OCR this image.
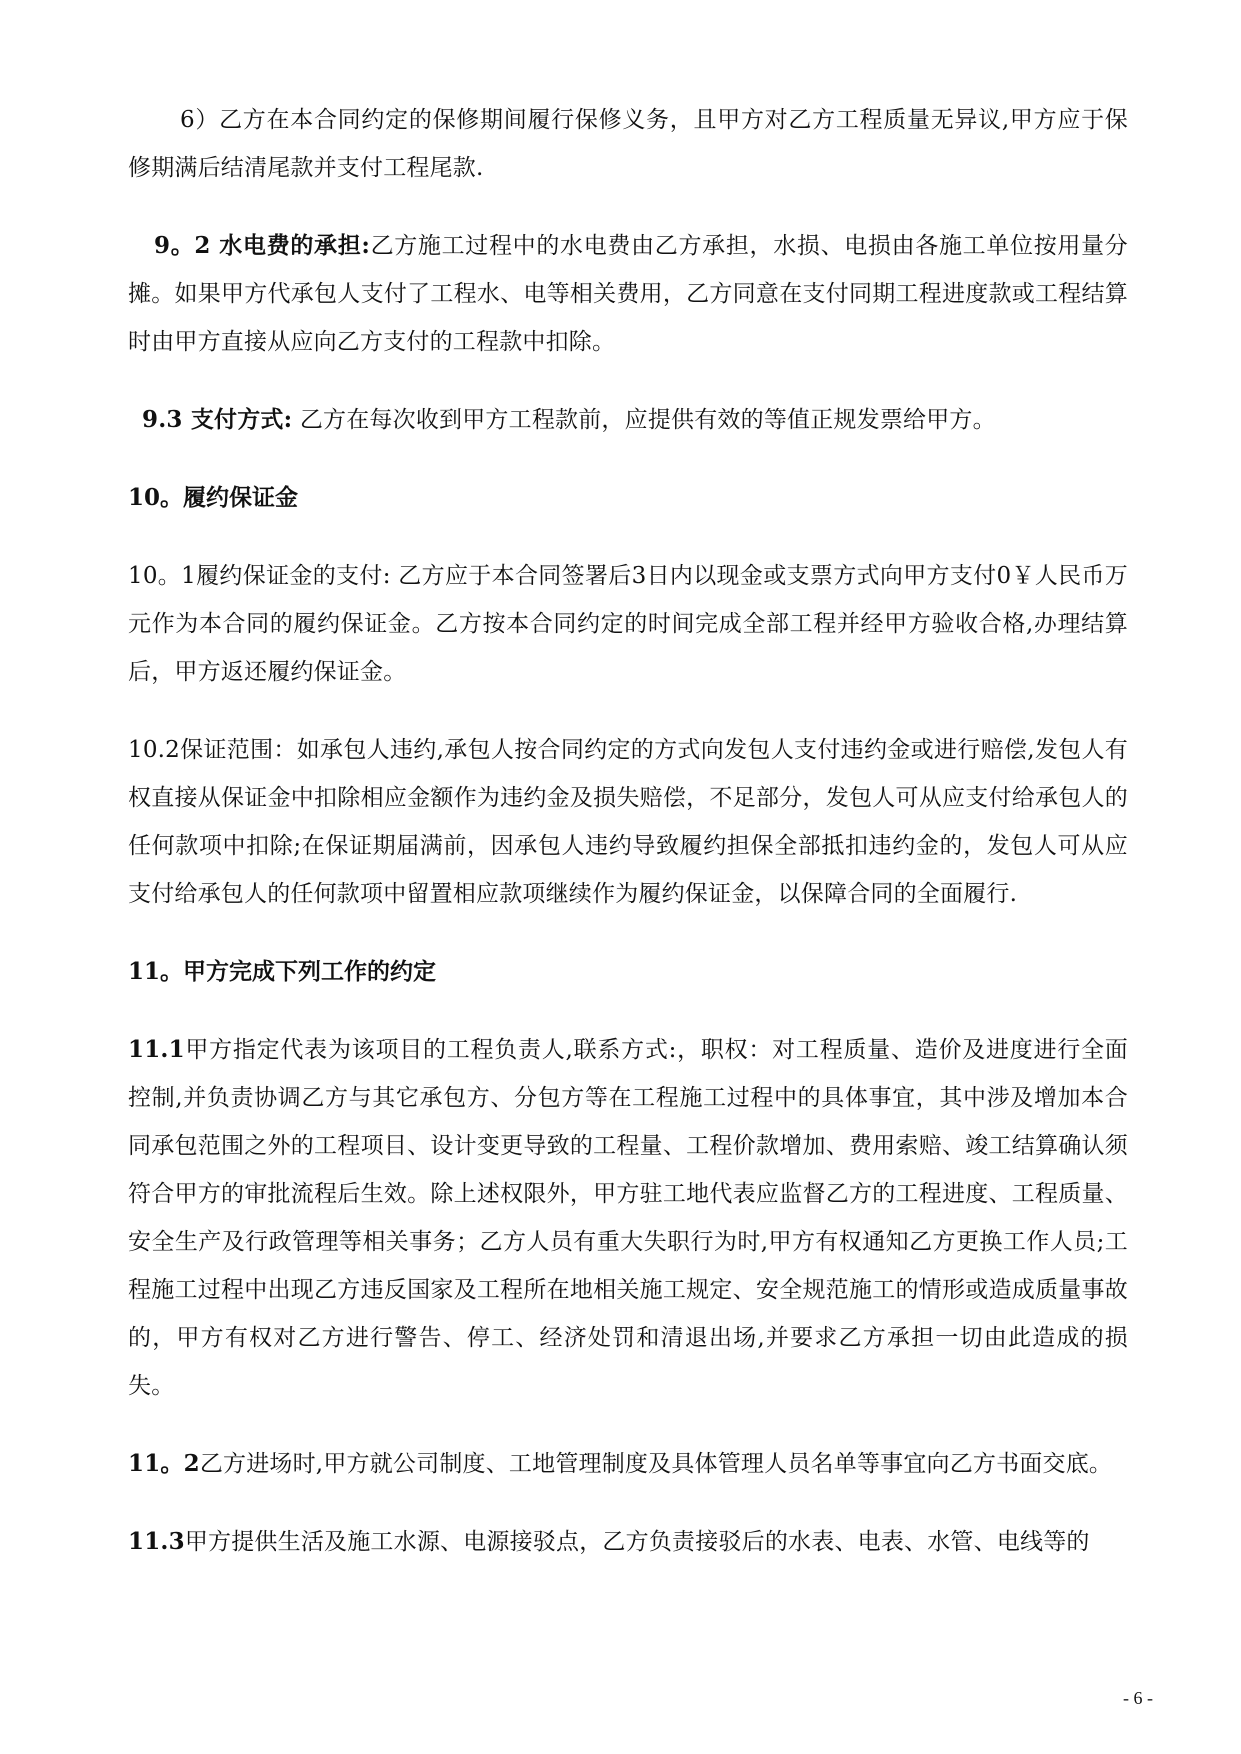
6）乙方在本合同约定的保修期间履行保修义务，且甲方对乙方工程质量无异议,甲方应于保修期满后结清尾款并支付工程尾款.

9。2 水电费的承担:乙方施工过程中的水电费由乙方承担，水损、电损由各施工单位按用量分摊。如果甲方代承包人支付了工程水、电等相关费用，乙方同意在支付同期工程进度款或工程结算时由甲方直接从应向乙方支付的工程款中扣除。

9.3 支付方式: 乙方在每次收到甲方工程款前，应提供有效的等值正规发票给甲方。

10。履约保证金

10。1履约保证金的支付: 乙方应于本合同签署后3日内以现金或支票方式向甲方支付0￥人民币万元作为本合同的履约保证金。乙方按本合同约定的时间完成全部工程并经甲方验收合格,办理结算后，甲方返还履约保证金。

10.2保证范围：如承包人违约,承包人按合同约定的方式向发包人支付违约金或进行赔偿,发包人有权直接从保证金中扣除相应金额作为违约金及损失赔偿，不足部分，发包人可从应支付给承包人的任何款项中扣除;在保证期届满前，因承包人违约导致履约担保全部抵扣违约金的，发包人可从应支付给承包人的任何款项中留置相应款项继续作为履约保证金，以保障合同的全面履行.

11。甲方完成下列工作的约定

11.1甲方指定代表为该项目的工程负责人,联系方式:，职权：对工程质量、造价及进度进行全面控制,并负责协调乙方与其它承包方、分包方等在工程施工过程中的具体事宜，其中涉及增加本合同承包范围之外的工程项目、设计变更导致的工程量、工程价款增加、费用索赔、竣工结算确认须符合甲方的审批流程后生效。除上述权限外，甲方驻工地代表应监督乙方的工程进度、工程质量、安全生产及行政管理等相关事务；乙方人员有重大失职行为时,甲方有权通知乙方更换工作人员;工程施工过程中出现乙方违反国家及工程所在地相关施工规定、安全规范施工的情形或造成质量事故的，甲方有权对乙方进行警告、停工、经济处罚和清退出场,并要求乙方承担一切由此造成的损失。

11。2乙方进场时,甲方就公司制度、工地管理制度及具体管理人员名单等事宜向乙方书面交底。

11.3甲方提供生活及施工水源、电源接驳点，乙方负责接驳后的水表、电表、水管、电线等的

- 6 -
